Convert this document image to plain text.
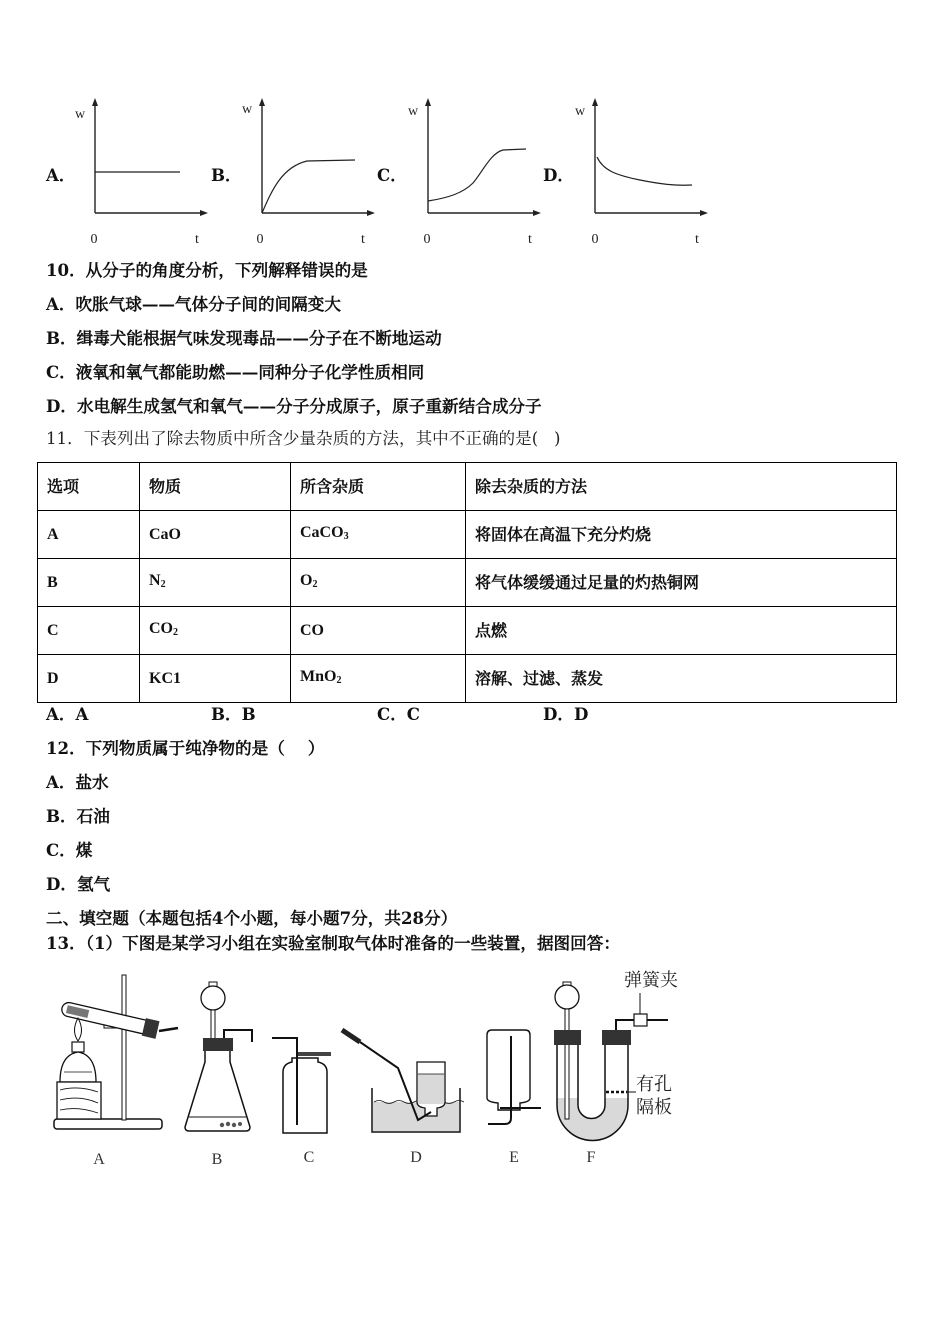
A．	B．	C．	D．
w
0	t
w
0	t
w
0	t
w
0	t
10．从分子的角度分析，下列解释错误的是
A．吹胀气球——气体分子间的间隔变大
B．缉毒犬能根据气味发现毒品——分子在不断地运动
C．液氧和氧气都能助燃——同种分子化学性质相同
D．水电解生成氢气和氧气——分子分成原子，原子重新结合成分子
11．下表列出了除去物质中所含少量杂质的方法，其中不正确的是(   )
选项	物质	所含杂质	除去杂质的方法
A	CaO	CaCO$_3$	将固体在高温下充分灼烧
B	$N_2$	$O_2$	将气体缓缓通过足量的灼热铜网
C	$CO_2$	CO	点燃
D	KC1	MnO$_2$	溶解、过滤、蒸发
A．A	B．B	C．C	D．D
12．下列物质属于纯净物的是（    ）
A．盐水
B．石油
C．煤
D．氢气
二、填空题（本题包括4个小题，每小题7分，共28分）
13．（1）下图是某学习小组在实验室制取气体时准备的一些装置，据图回答：
A	B	C	D	E	F
弹簧夹
有孔
隔板
